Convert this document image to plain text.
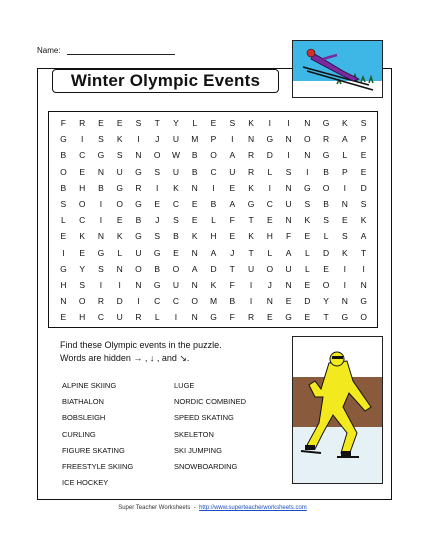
Name:
Winter Olympic Events
F	R	E	E	S	T	Y	L	E	S	K	I	I	N	G	K	S
G	I	S	K	I	J	U	M	P	I	N	G	N	O	R	A	P
B	C	G	S	N	O	W	B	O	A	R	D	I	N	G	L	E
O	E	N	U	G	S	U	B	C	U	R	L	S	I	B	P	E
B	H	B	G	R	I	K	N	I	E	K	I	N	G	O	I	D
S	O	I	O	G	E	C	E	B	A	G	C	U	S	B	N	S
L	C	I	E	B	J	S	E	L	F	T	E	N	K	S	E	K
E	K	N	K	G	S	B	K	H	E	K	H	F	E	L	S	A
I	E	G	L	U	G	E	N	A	J	T	L	A	L	D	K	T
G	Y	S	N	O	B	O	A	D	T	U	O	U	L	E	I	I
H	S	I	I	N	G	U	N	K	F	I	J	N	E	O	I	N
N	O	R	D	I	C	C	O	M	B	I	N	E	D	Y	N	G
E	H	C	U	R	L	I	N	G	F	R	E	G	E	T	G	O
Find these Olympic events in the puzzle.
Words are hidden → , ↓ , and ↘.
ALPINE SKIING
BIATHALON
BOBSLEIGH
CURLING
FIGURE SKATING
FREESTYLE SKIING
ICE HOCKEY
LUGE
NORDIC COMBINED
SPEED SKATING
SKELETON
SKI JUMPING
SNOWBOARDING
Super Teacher Worksheets - http://www.superteacherworksheets.com
